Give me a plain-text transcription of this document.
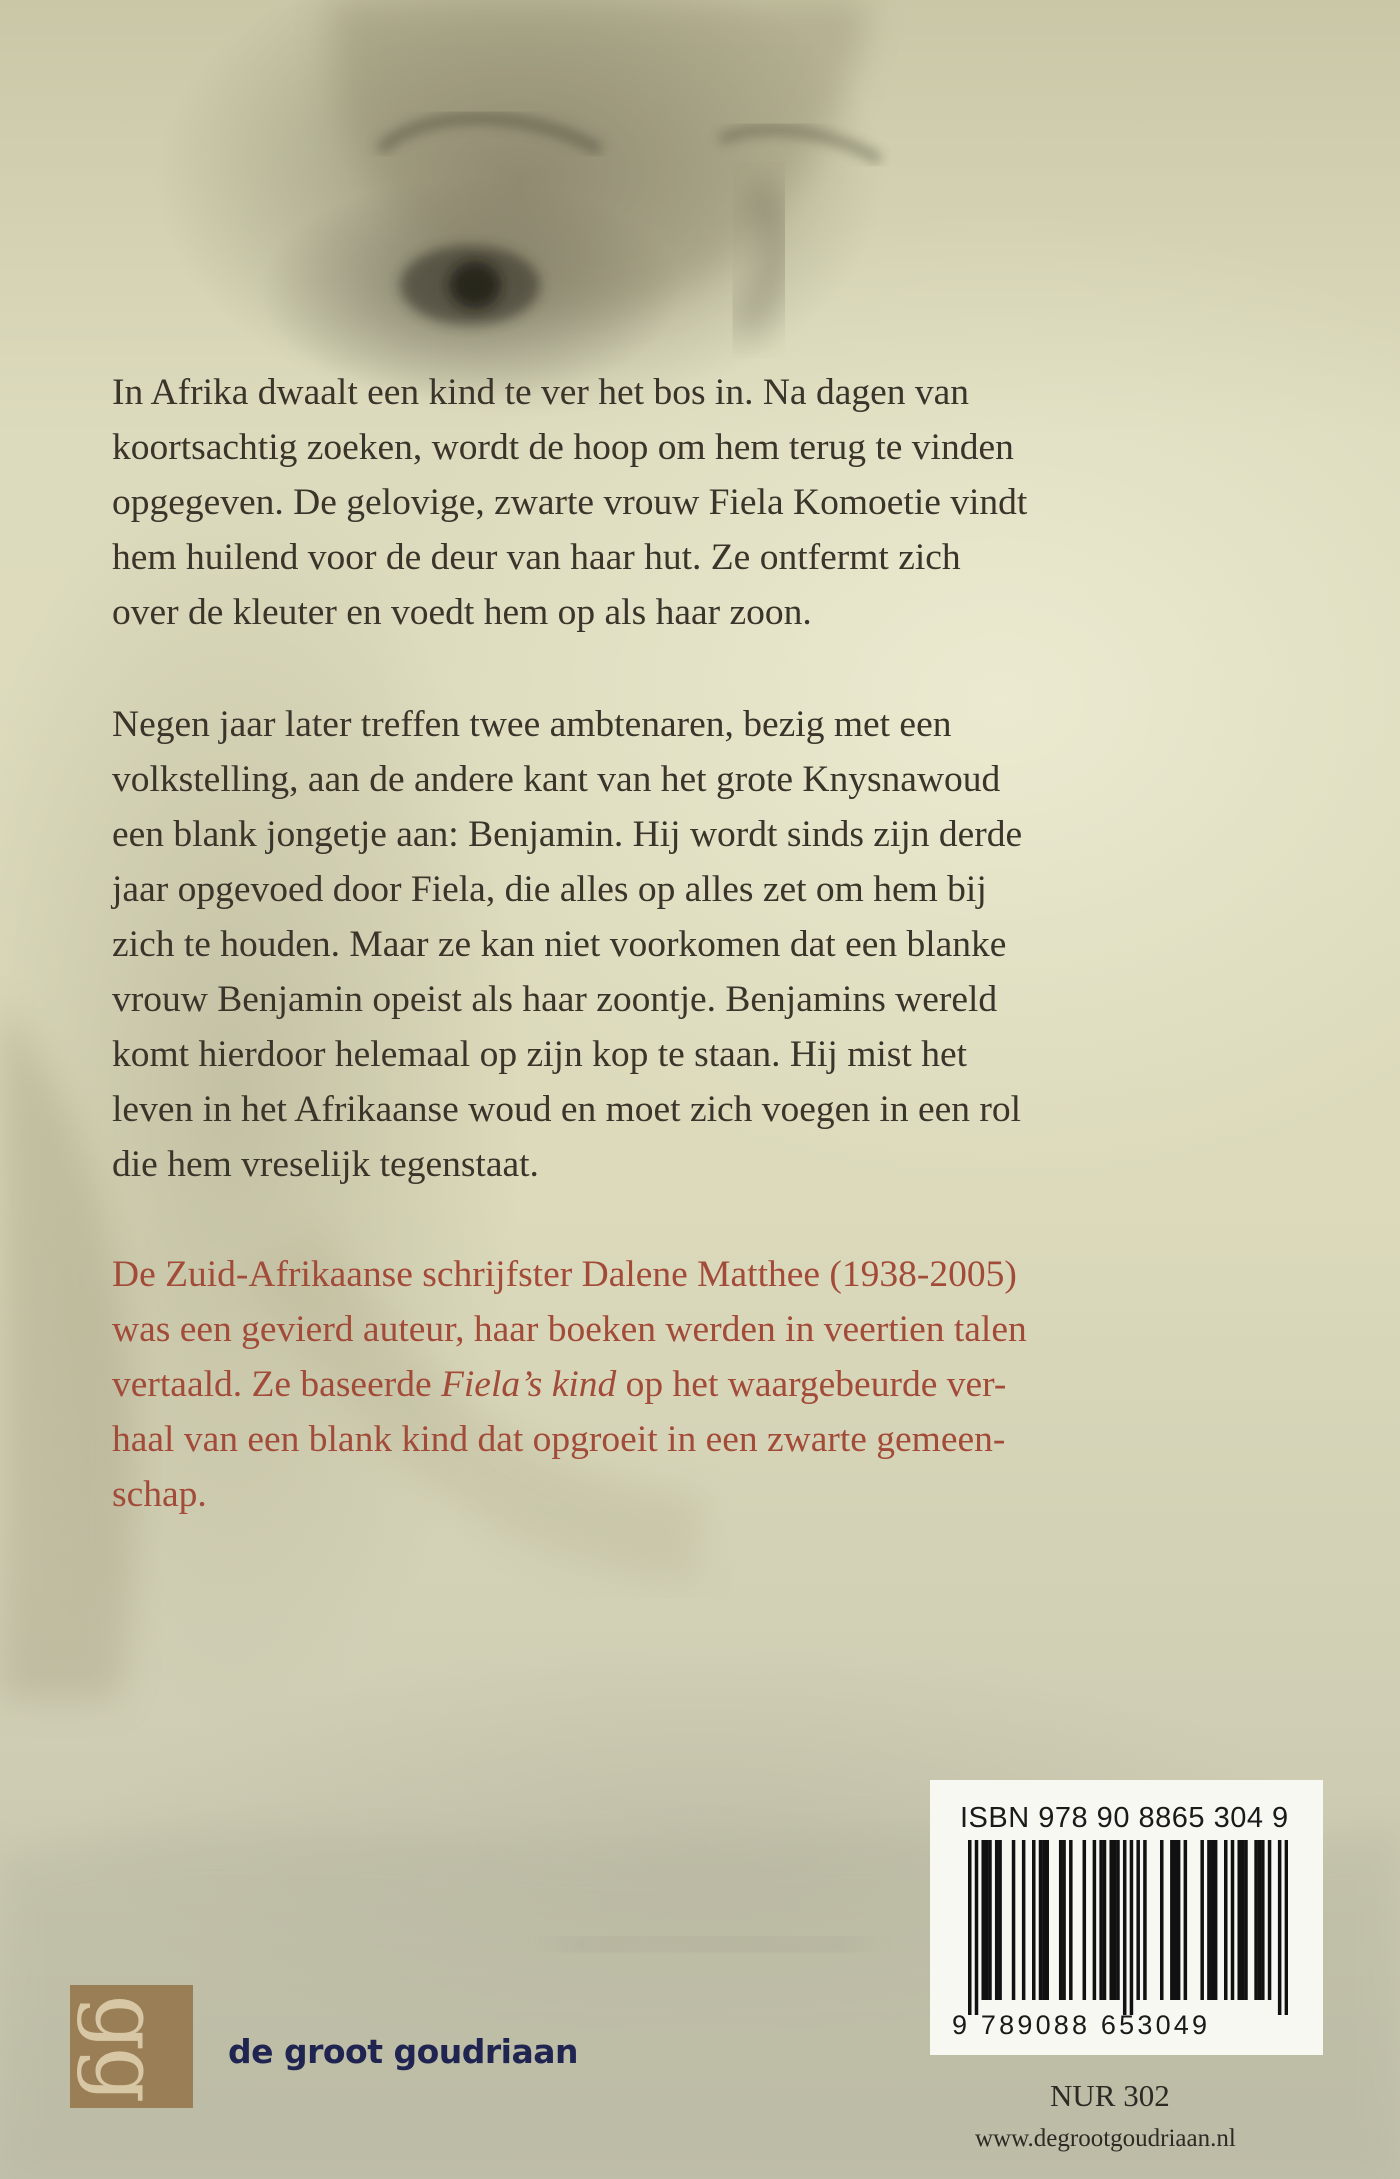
In Afrika dwaalt een kind te ver het bos in. Na dagen van
koortsachtig zoeken, wordt de hoop om hem terug te vinden
opgegeven. De gelovige, zwarte vrouw Fiela Komoetie vindt
hem huilend voor de deur van haar hut. Ze ontfermt zich
over de kleuter en voedt hem op als haar zoon.

Negen jaar later treffen twee ambtenaren, bezig met een
volkstelling, aan de andere kant van het grote Knysnawoud
een blank jongetje aan: Benjamin. Hij wordt sinds zijn derde
jaar opgevoed door Fiela, die alles op alles zet om hem bij
zich te houden. Maar ze kan niet voorkomen dat een blanke
vrouw Benjamin opeist als haar zoontje. Benjamins wereld
komt hierdoor helemaal op zijn kop te staan. Hij mist het
leven in het Afrikaanse woud en moet zich voegen in een rol
die hem vreselijk tegenstaat.

De Zuid-Afrikaanse schrijfster Dalene Matthee (1938-2005)
was een gevierd auteur, haar boeken werden in veertien talen
vertaald. Ze baseerde Fiela’s kind op het waargebeurde ver-
haal van een blank kind dat opgroeit in een zwarte gemeen-
schap.

ISBN 978 90 8865 304 9
9 789088 653049
NUR 302
www.degrootgoudriaan.nl
gg de groot goudriaan
